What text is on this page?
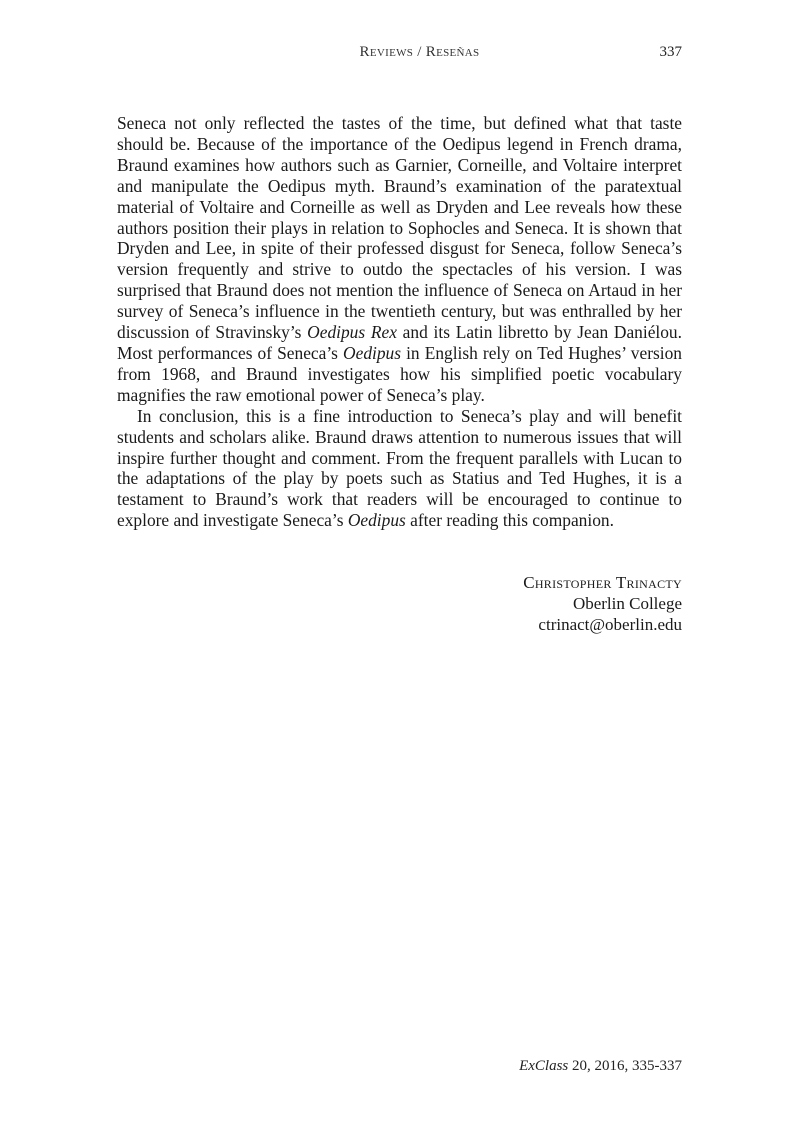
Reviews / Reseñas	337

Seneca not only reflected the tastes of the time, but defined what that taste should be. Because of the importance of the Oedipus legend in French drama, Braund examines how authors such as Garnier, Corneille, and Voltaire interpret and manipulate the Oedipus myth. Braund’s examination of the paratextual material of Voltaire and Corneille as well as Dryden and Lee reveals how these authors position their plays in relation to Sophocles and Seneca. It is shown that Dryden and Lee, in spite of their professed disgust for Seneca, follow Seneca’s version frequently and strive to outdo the spectacles of his version. I was surprised that Braund does not mention the influence of Seneca on Artaud in her survey of Seneca’s influence in the twentieth century, but was enthralled by her discussion of Stravinsky’s Oedipus Rex and its Latin libretto by Jean Daniélou. Most performances of Seneca’s Oedipus in English rely on Ted Hughes’ version from 1968, and Braund investigates how his simplified poetic vocabulary magnifies the raw emotional power of Seneca’s play.

In conclusion, this is a fine introduction to Seneca’s play and will benefit students and scholars alike. Braund draws attention to numerous issues that will inspire further thought and comment. From the frequent parallels with Lucan to the adaptations of the play by poets such as Statius and Ted Hughes, it is a testament to Braund’s work that readers will be encouraged to continue to explore and investigate Seneca’s Oedipus after reading this companion.

Christopher Trinacty
Oberlin College
ctrinact@oberlin.edu
ExClass 20, 2016, 335-337
